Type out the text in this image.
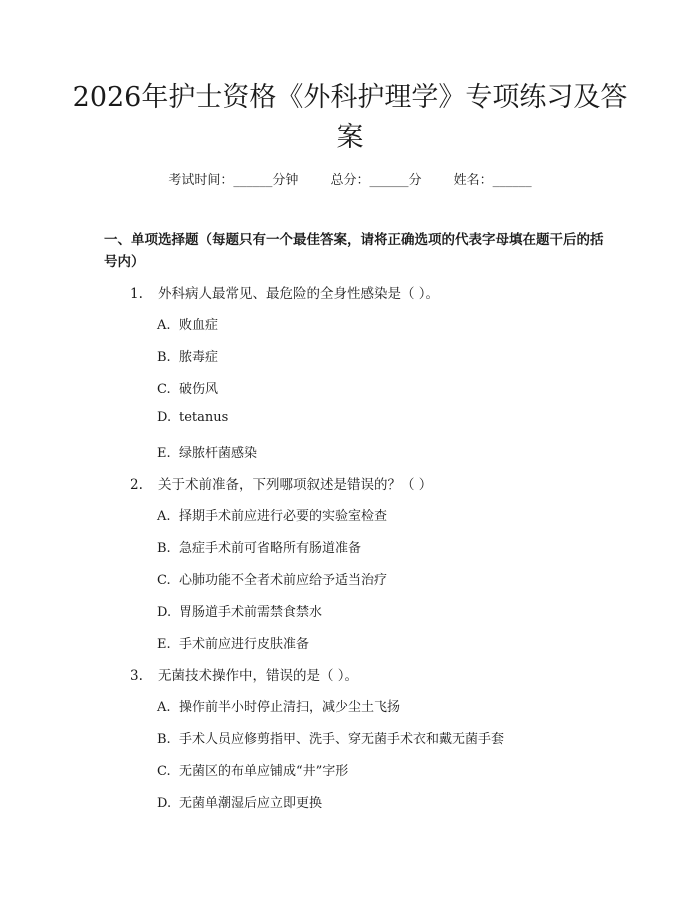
2026年护士资格《外科护理学》专项练习及答案
考试时间：______分钟 总分：______分 姓名：______
一、单项选择题（每题只有一个最佳答案，请将正确选项的代表字母填在题干后的括号内）
1. 外科病人最常见、最危险的全身性感染是（ ）。
A. 败血症
B. 脓毒症
C. 破伤风
D. tetanus
E. 绿脓杆菌感染
2. 关于术前准备，下列哪项叙述是错误的？（ ）
A. 择期手术前应进行必要的实验室检查
B. 急症手术前可省略所有肠道准备
C. 心肺功能不全者术前应给予适当治疗
D. 胃肠道手术前需禁食禁水
E. 手术前应进行皮肤准备
3. 无菌技术操作中，错误的是（ ）。
A. 操作前半小时停止清扫，减少尘土飞扬
B. 手术人员应修剪指甲、洗手、穿无菌手术衣和戴无菌手套
C. 无菌区的布单应铺成“井”字形
D. 无菌单潮湿后应立即更换
